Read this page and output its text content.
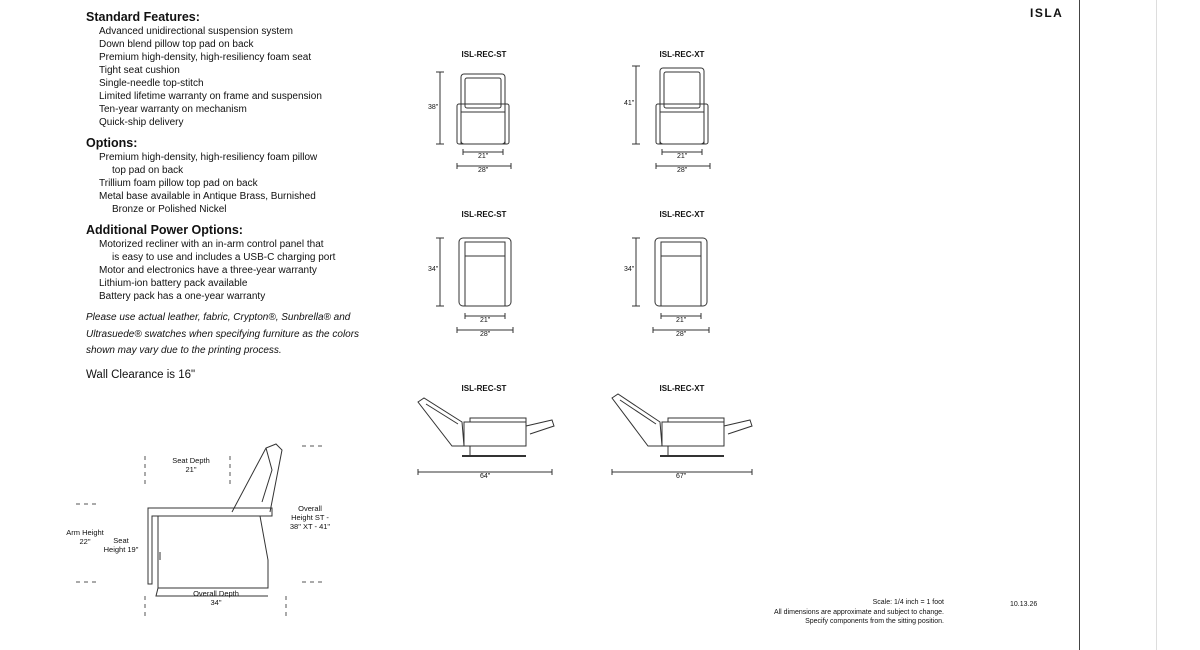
ISLA
Standard Features:
Advanced unidirectional suspension system
Down blend pillow top pad on back
Premium high-density, high-resiliency foam seat
Tight seat cushion
Single-needle top-stitch
Limited lifetime warranty on frame and suspension
Ten-year warranty on mechanism
Quick-ship delivery
Options:
Premium high-density, high-resiliency foam pillow
top pad on back
Trillium foam pillow top pad on back
Metal base available in Antique Brass, Burnished
Bronze or Polished Nickel
Additional Power Options:
Motorized recliner with an in-arm control panel that
is easy to use and includes a USB-C charging port
Motor and electronics have a three-year warranty
Lithium-ion battery pack available
Battery pack has a one-year warranty
Please use actual leather, fabric, Crypton®, Sunbrella® and Ultrasuede® swatches when specifying furniture as the colors shown may vary due to the printing process.
Wall Clearance is 16"
ISL-REC-ST	ISL-REC-XT
38"
41"
21"
28"
21"
28"
ISL-REC-ST	ISL-REC-XT
34"	34"
21"
28"
21"
28"
ISL-REC-ST	ISL-REC-XT
64"	67"
Seat Depth 21"
Overall Height ST - 38" XT - 41"
Arm Height 22"	Seat Height 19"
Overall Depth 34"	Scale: 1/4 inch = 1 foot
All dimensions are approximate and subject to change.
Specify components from the sitting position.
10.13.26
